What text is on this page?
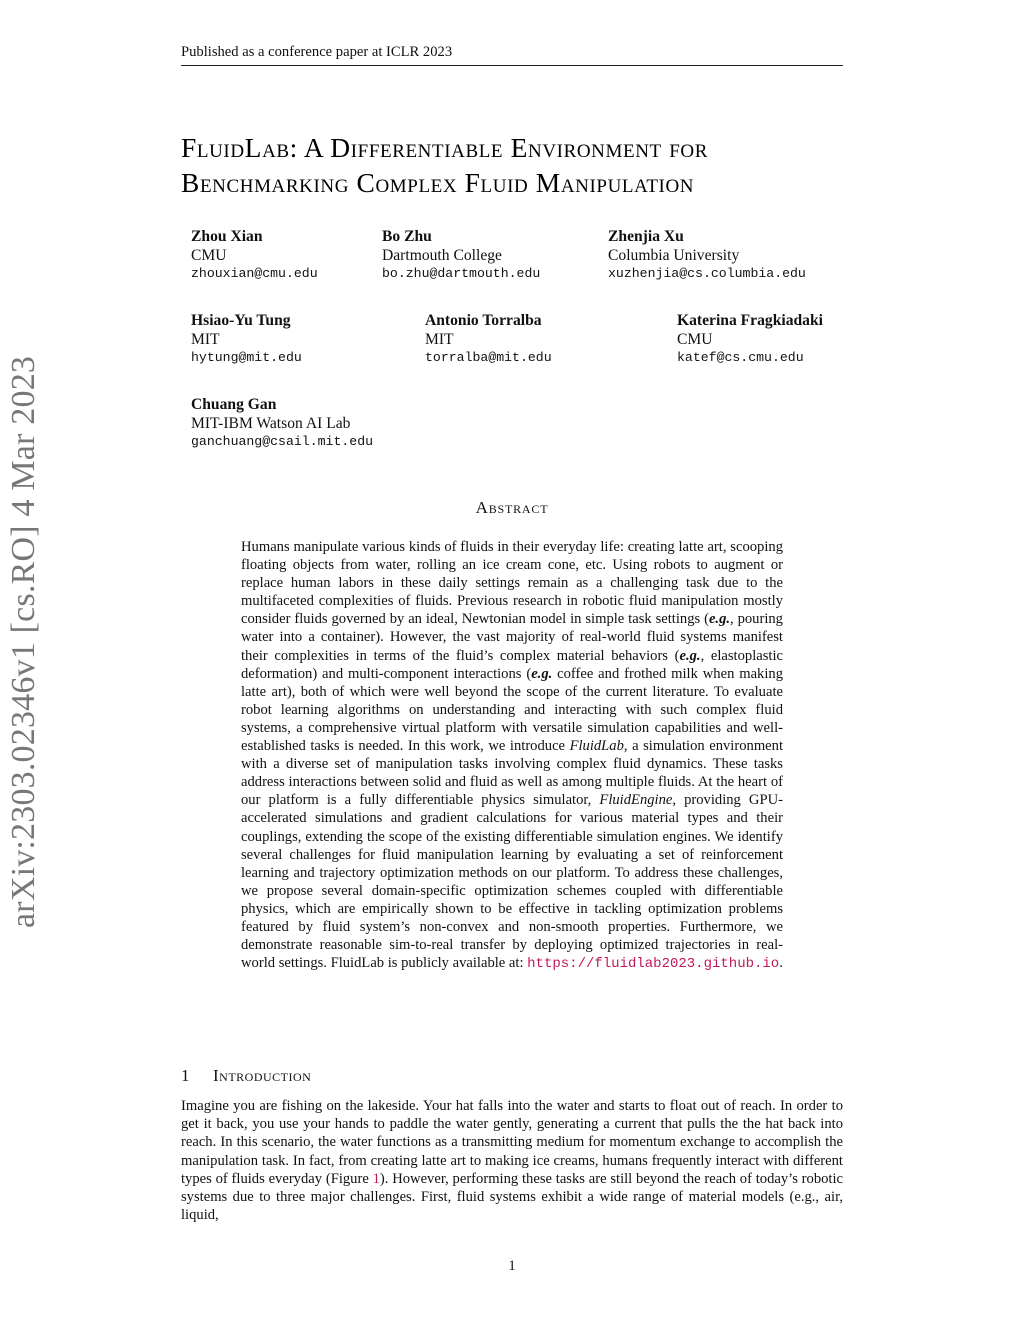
Published as a conference paper at ICLR 2023
arXiv:2303.02346v1 [cs.RO] 4 Mar 2023
FluidLab: A Differentiable Environment for
Benchmarking Complex Fluid Manipulation
Zhou Xian
CMU
zhouxian@cmu.edu
Bo Zhu
Dartmouth College
bo.zhu@dartmouth.edu
Zhenjia Xu
Columbia University
xuzhenjia@cs.columbia.edu
Hsiao-Yu Tung
MIT
hytung@mit.edu
Antonio Torralba
MIT
torralba@mit.edu
Katerina Fragkiadaki
CMU
katef@cs.cmu.edu
Chuang Gan
MIT-IBM Watson AI Lab
ganchuang@csail.mit.edu
Abstract
Humans manipulate various kinds of fluids in their everyday life: creating latte art, scooping floating objects from water, rolling an ice cream cone, etc. Using robots to augment or replace human labors in these daily settings remain as a challenging task due to the multifaceted complexities of fluids. Previous research in robotic fluid manipulation mostly consider fluids governed by an ideal, Newtonian model in simple task settings (e.g., pouring water into a container). However, the vast majority of real-world fluid systems manifest their complexities in terms of the fluid’s complex material behaviors (e.g., elastoplastic deformation) and multi-component interactions (e.g. coffee and frothed milk when making latte art), both of which were well beyond the scope of the current literature. To evaluate robot learning algorithms on understanding and interacting with such complex fluid systems, a comprehensive virtual platform with versatile simulation capabilities and well-established tasks is needed. In this work, we introduce FluidLab, a simulation environment with a diverse set of manipulation tasks involving complex fluid dynamics. These tasks address interactions between solid and fluid as well as among multiple fluids. At the heart of our platform is a fully differentiable physics simulator, FluidEngine, providing GPU-accelerated simulations and gradient calculations for various material types and their couplings, extending the scope of the existing differentiable simulation engines. We identify several challenges for fluid manipulation learning by evaluating a set of reinforcement learning and trajectory optimization methods on our platform. To address these challenges, we propose several domain-specific optimization schemes coupled with differentiable physics, which are empirically shown to be effective in tackling optimization problems featured by fluid system’s non-convex and non-smooth properties. Furthermore, we demonstrate reasonable sim-to-real transfer by deploying optimized trajectories in real-world settings. FluidLab is publicly available at: https://fluidlab2023.github.io.
1 Introduction
Imagine you are fishing on the lakeside. Your hat falls into the water and starts to float out of reach. In order to get it back, you use your hands to paddle the water gently, generating a current that pulls the the hat back into reach. In this scenario, the water functions as a transmitting medium for momentum exchange to accomplish the manipulation task. In fact, from creating latte art to making ice creams, humans frequently interact with different types of fluids everyday (Figure 1). However, performing these tasks are still beyond the reach of today’s robotic systems due to three major challenges. First, fluid systems exhibit a wide range of material models (e.g., air, liquid,
1
